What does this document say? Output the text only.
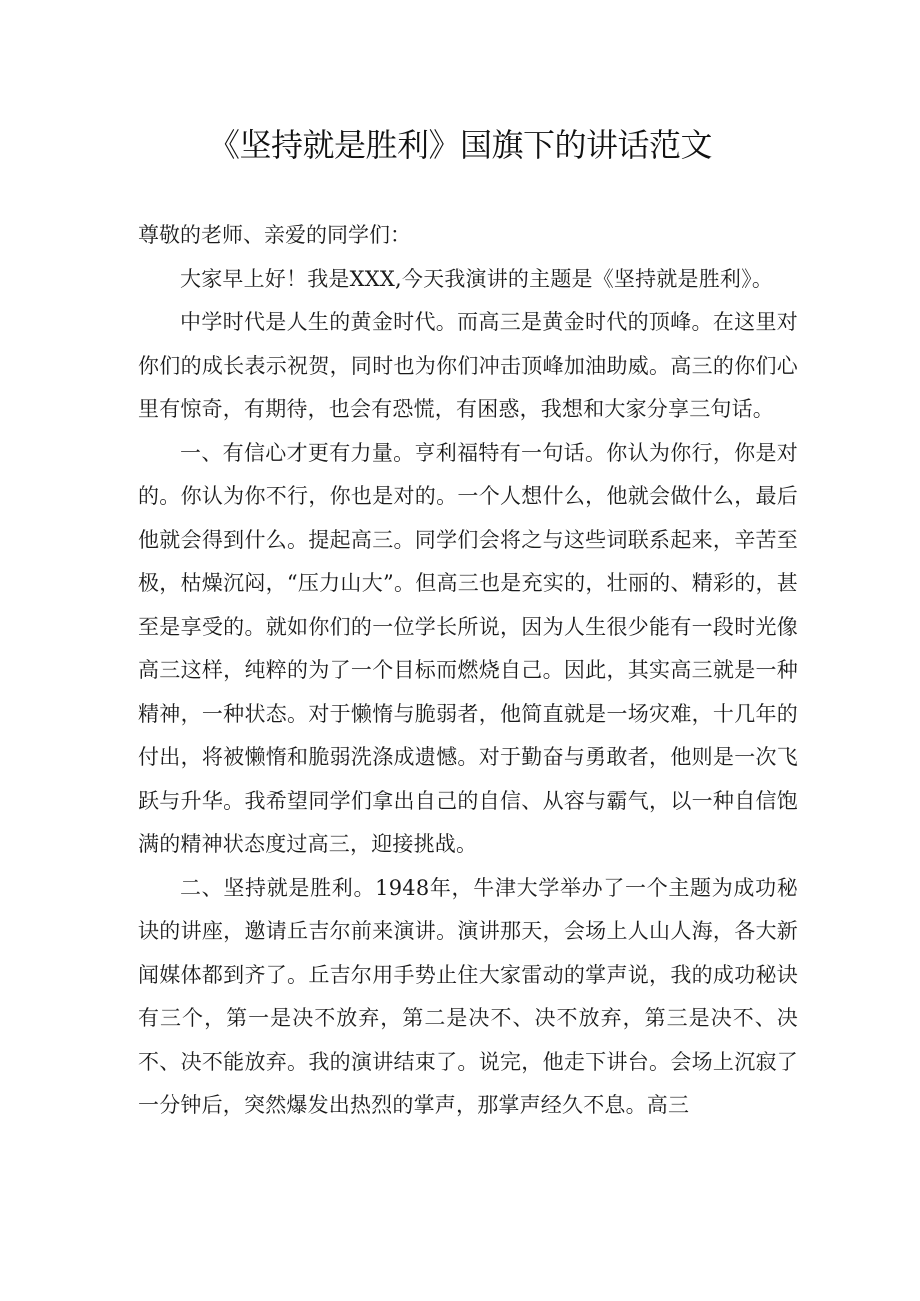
《坚持就是胜利》国旗下的讲话范文

尊敬的老师、亲爱的同学们：

大家早上好！我是XXX,今天我演讲的主题是《坚持就是胜利》。

中学时代是人生的黄金时代。而高三是黄金时代的顶峰。在这里对你们的成长表示祝贺，同时也为你们冲击顶峰加油助威。高三的你们心里有惊奇，有期待，也会有恐慌，有困惑，我想和大家分享三句话。

一、有信心才更有力量。亨利福特有一句话。你认为你行，你是对的。你认为你不行，你也是对的。一个人想什么，他就会做什么，最后他就会得到什么。提起高三。同学们会将之与这些词联系起来，辛苦至极，枯燥沉闷，“压力山大”。但高三也是充实的，壮丽的、精彩的，甚至是享受的。就如你们的一位学长所说，因为人生很少能有一段时光像高三这样，纯粹的为了一个目标而燃烧自己。因此，其实高三就是一种精神，一种状态。对于懒惰与脆弱者，他简直就是一场灾难，十几年的付出，将被懒惰和脆弱洗涤成遗憾。对于勤奋与勇敢者，他则是一次飞跃与升华。我希望同学们拿出自己的自信、从容与霸气，以一种自信饱满的精神状态度过高三，迎接挑战。

二、坚持就是胜利。1948年，牛津大学举办了一个主题为成功秘诀的讲座，邀请丘吉尔前来演讲。演讲那天，会场上人山人海，各大新闻媒体都到齐了。丘吉尔用手势止住大家雷动的掌声说，我的成功秘诀有三个，第一是决不放弃，第二是决不、决不放弃，第三是决不、决不、决不能放弃。我的演讲结束了。说完，他走下讲台。会场上沉寂了一分钟后，突然爆发出热烈的掌声，那掌声经久不息。高三
